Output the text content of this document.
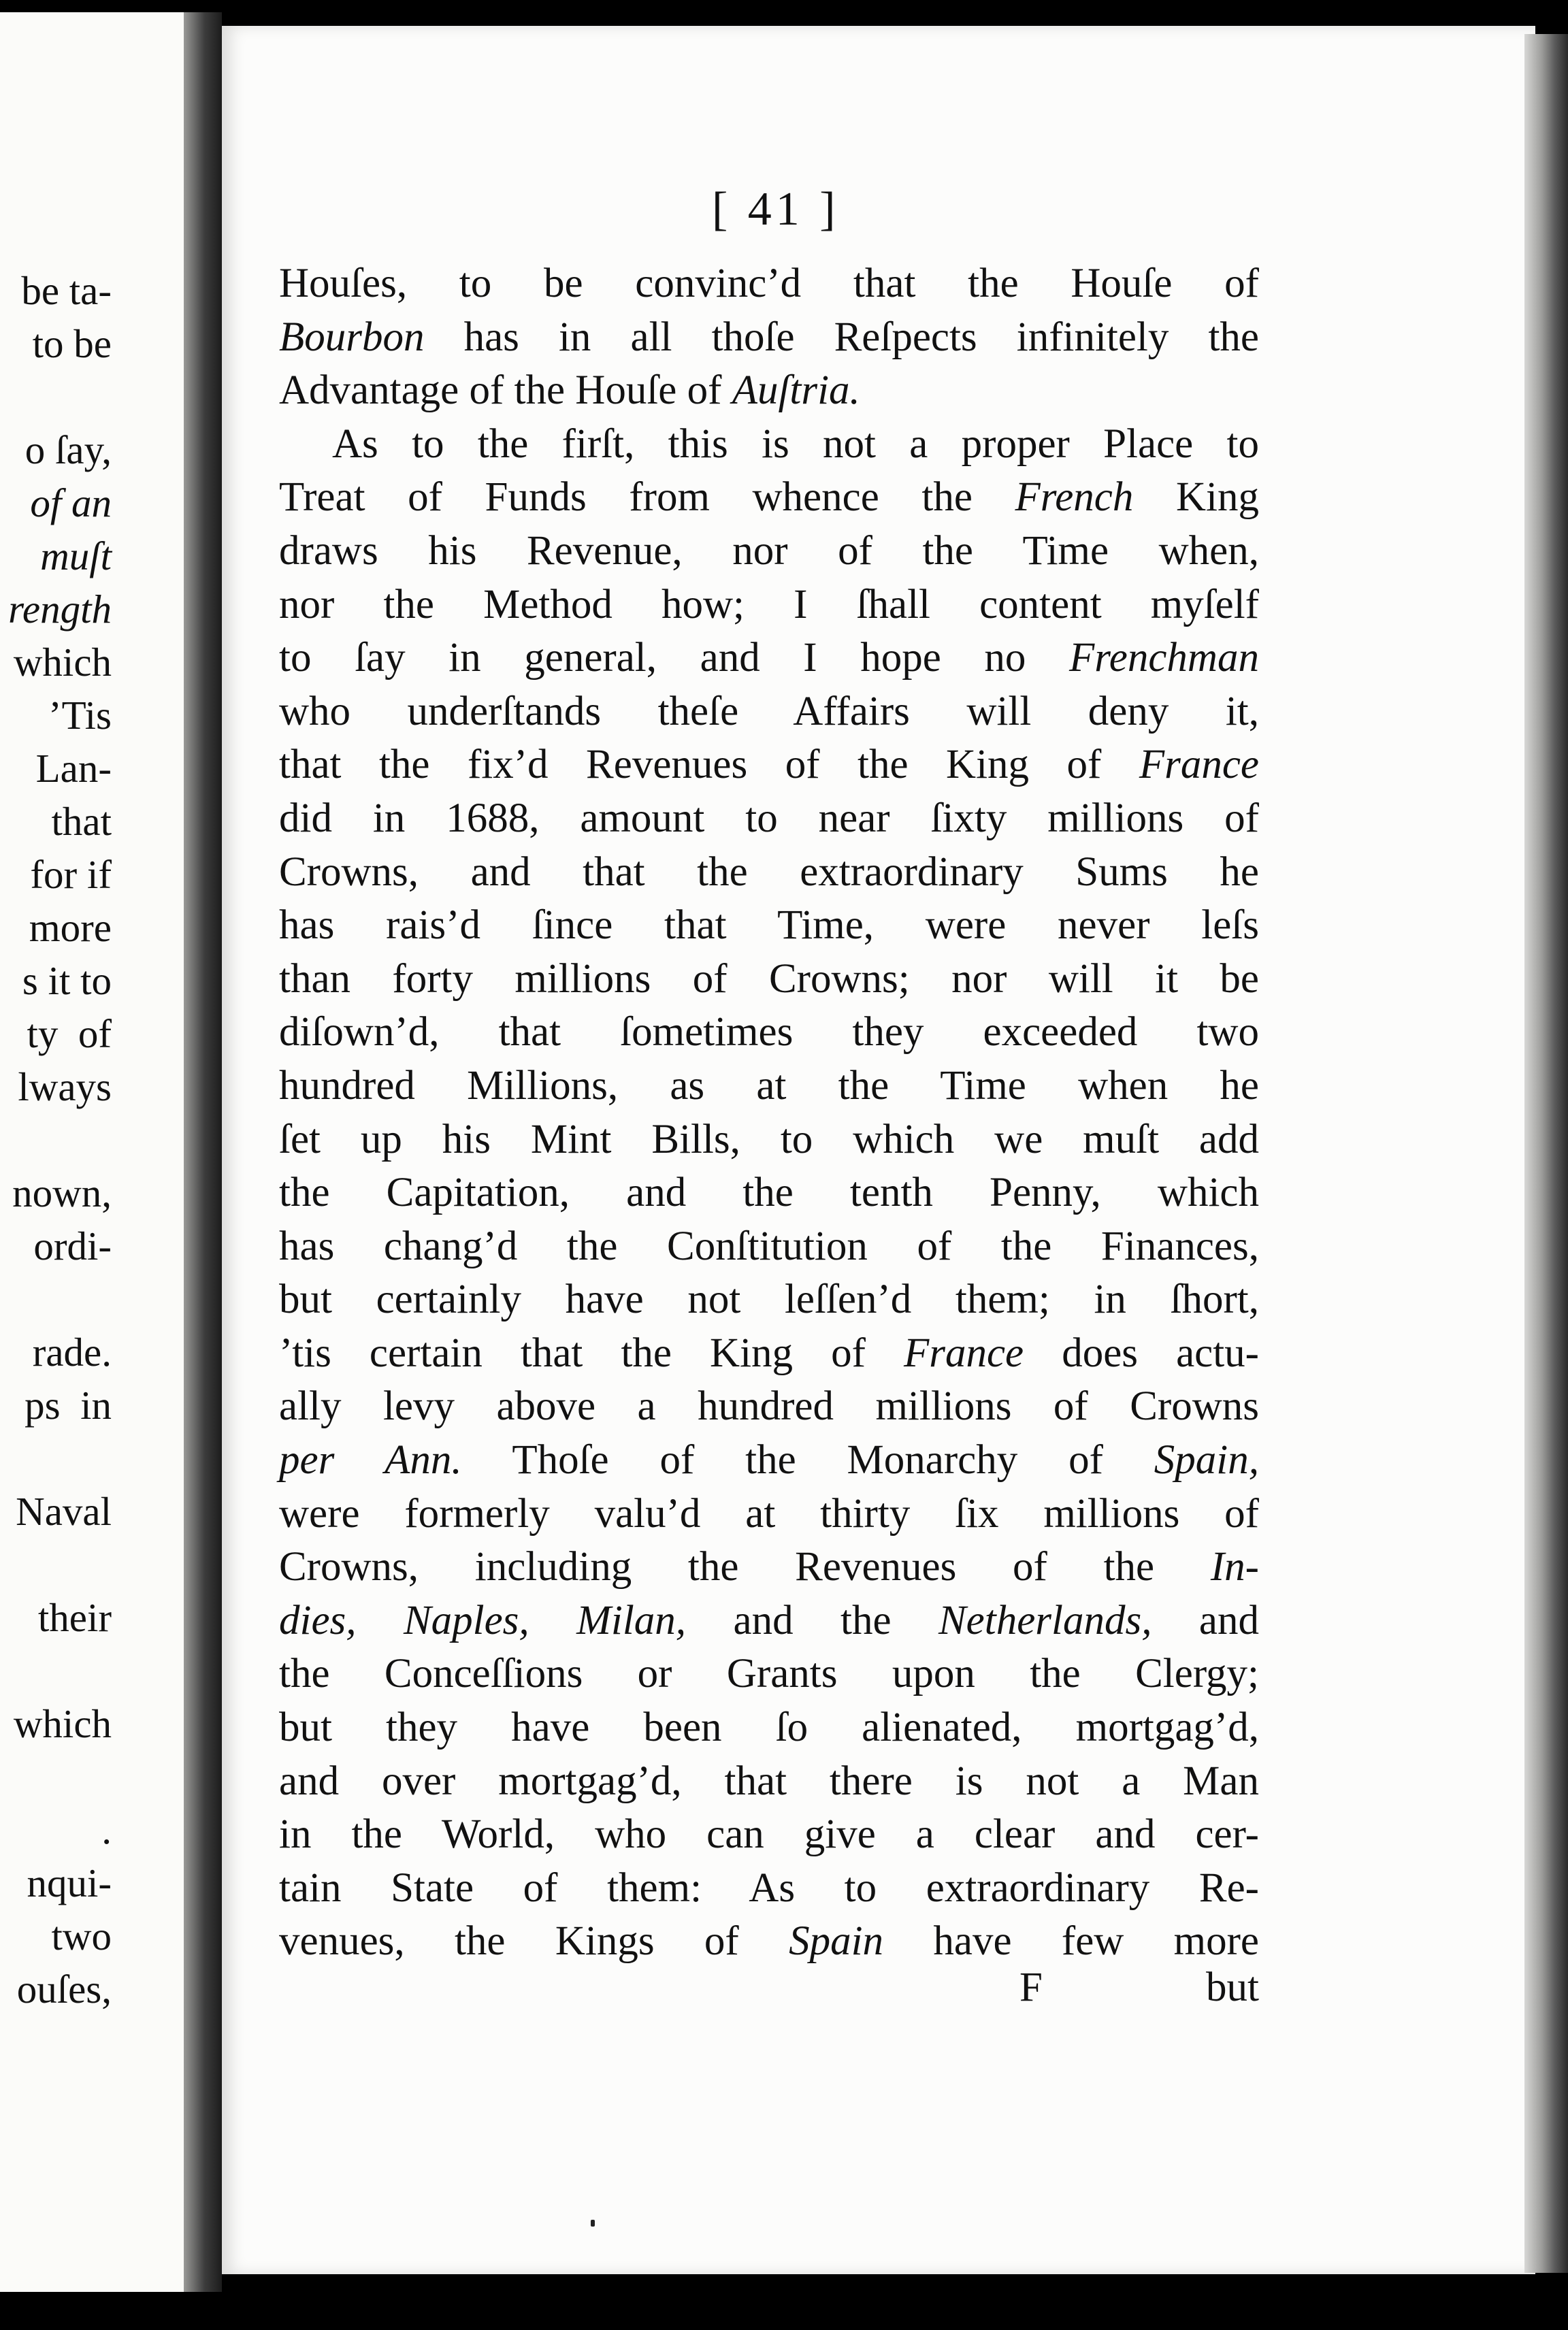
be ta-
to be
o ſay,
of an
muſt
rength
which
’Tis
Lan-
that
for if
more
s it to
ty  of
lways
nown,
ordi-
rade.
ps  in
Naval
their
which
.
nqui-
two
ouſes,
[ 41 ]
Houſes, to be convinc’d that the Houſe of
Bourbon has in all thoſe Reſpects infinitely the
Advantage of the Houſe of Auſtria.
As to the firſt, this is not a proper Place to
Treat of Funds from whence the French King
draws his Revenue, nor of the Time when,
nor the Method how; I ſhall content myſelf
to ſay in general, and I hope no Frenchman
who underſtands theſe Affairs will deny it,
that the fix’d Revenues of the King of France
did in 1688, amount to near ſixty millions of
Crowns, and that the extraordinary Sums he
has rais’d ſince that Time, were never leſs
than forty millions of Crowns; nor will it be
diſown’d, that ſometimes they exceeded two
hundred Millions, as at the Time when he
ſet up his Mint Bills, to which we muſt add
the Capitation, and the tenth Penny, which
has chang’d the Conſtitution of the Finances,
but certainly have not leſſen’d them; in ſhort,
’tis certain that the King of France does actu-
ally levy above a hundred millions of Crowns
per Ann. Thoſe of the Monarchy of Spain,
were formerly valu’d at thirty ſix millions of
Crowns, including the Revenues of the In-
dies, Naples, Milan, and the Netherlands, and
the Conceſſions or Grants upon the Clergy;
but they have been ſo alienated, mortgag’d,
and over mortgag’d, that there is not a Man
in the World, who can give a clear and cer-
tain State of them: As to extraordinary Re-
venues, the Kings of Spain have few more
F	but
